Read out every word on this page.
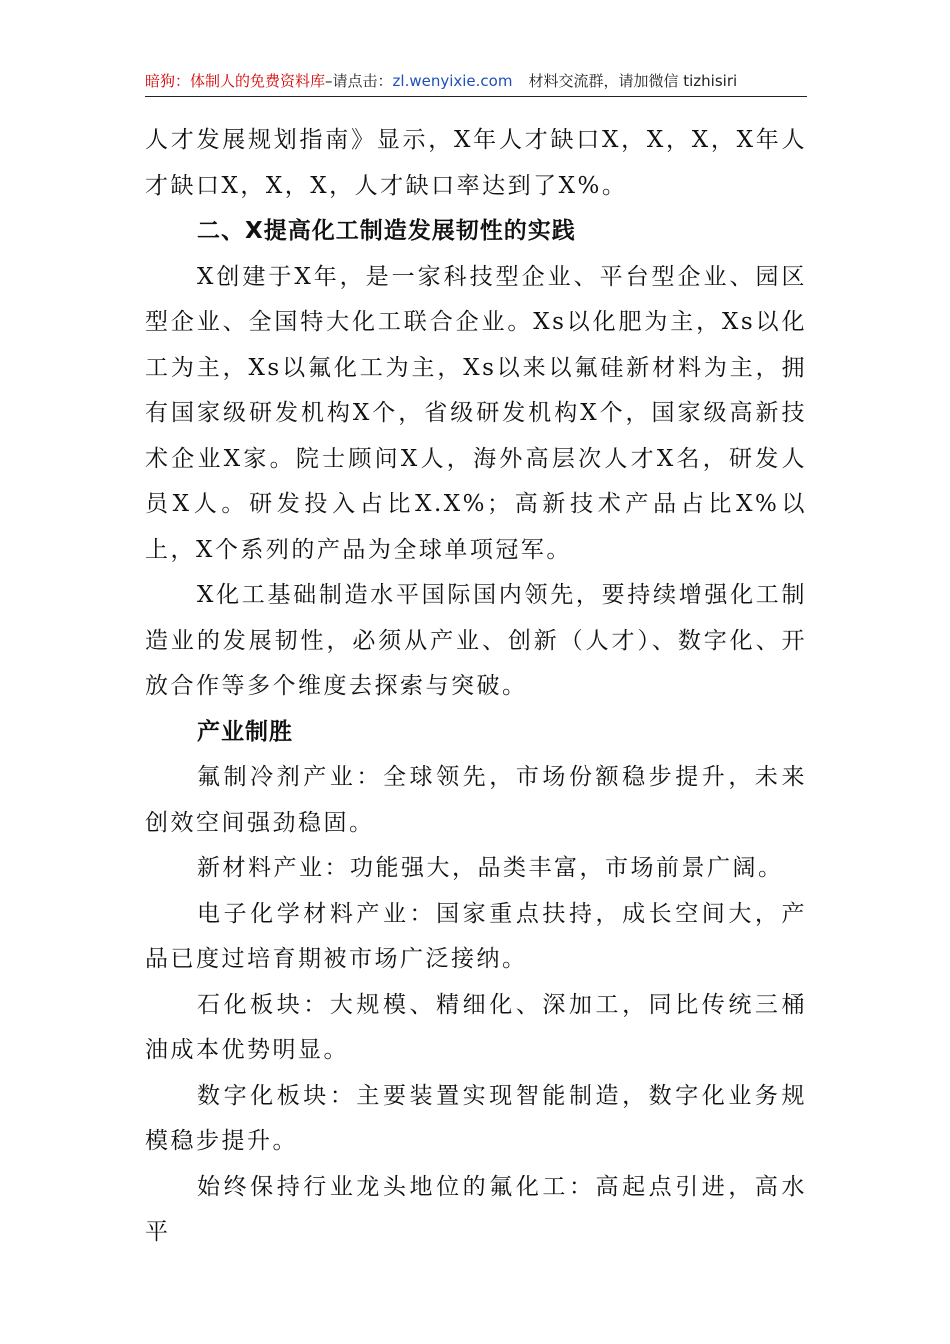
暗狗：体制人的免费资料库–请点击：zl.wenyixie.com 材料交流群，请加微信 tizhisiri

人才发展规划指南》显示，X年人才缺口X，X，X，X年人才缺口X，X，X，人才缺口率达到了X%。

二、X提高化工制造发展韧性的实践

X创建于X年，是一家科技型企业、平台型企业、园区型企业、全国特大化工联合企业。Xs以化肥为主，Xs以化工为主，Xs以氟化工为主，Xs以来以氟硅新材料为主，拥有国家级研发机构X个，省级研发机构X个，国家级高新技术企业X家。院士顾问X人，海外高层次人才X名，研发人员X人。研发投入占比X.X%；高新技术产品占比X%以上，X个系列的产品为全球单项冠军。

X化工基础制造水平国际国内领先，要持续增强化工制造业的发展韧性，必须从产业、创新（人才）、数字化、开放合作等多个维度去探索与突破。

产业制胜

氟制冷剂产业：全球领先，市场份额稳步提升，未来创效空间强劲稳固。

新材料产业：功能强大，品类丰富，市场前景广阔。

电子化学材料产业：国家重点扶持，成长空间大，产品已度过培育期被市场广泛接纳。

石化板块：大规模、精细化、深加工，同比传统三桶油成本优势明显。

数字化板块：主要装置实现智能制造，数字化业务规模稳步提升。

始终保持行业龙头地位的氟化工：高起点引进，高水平
